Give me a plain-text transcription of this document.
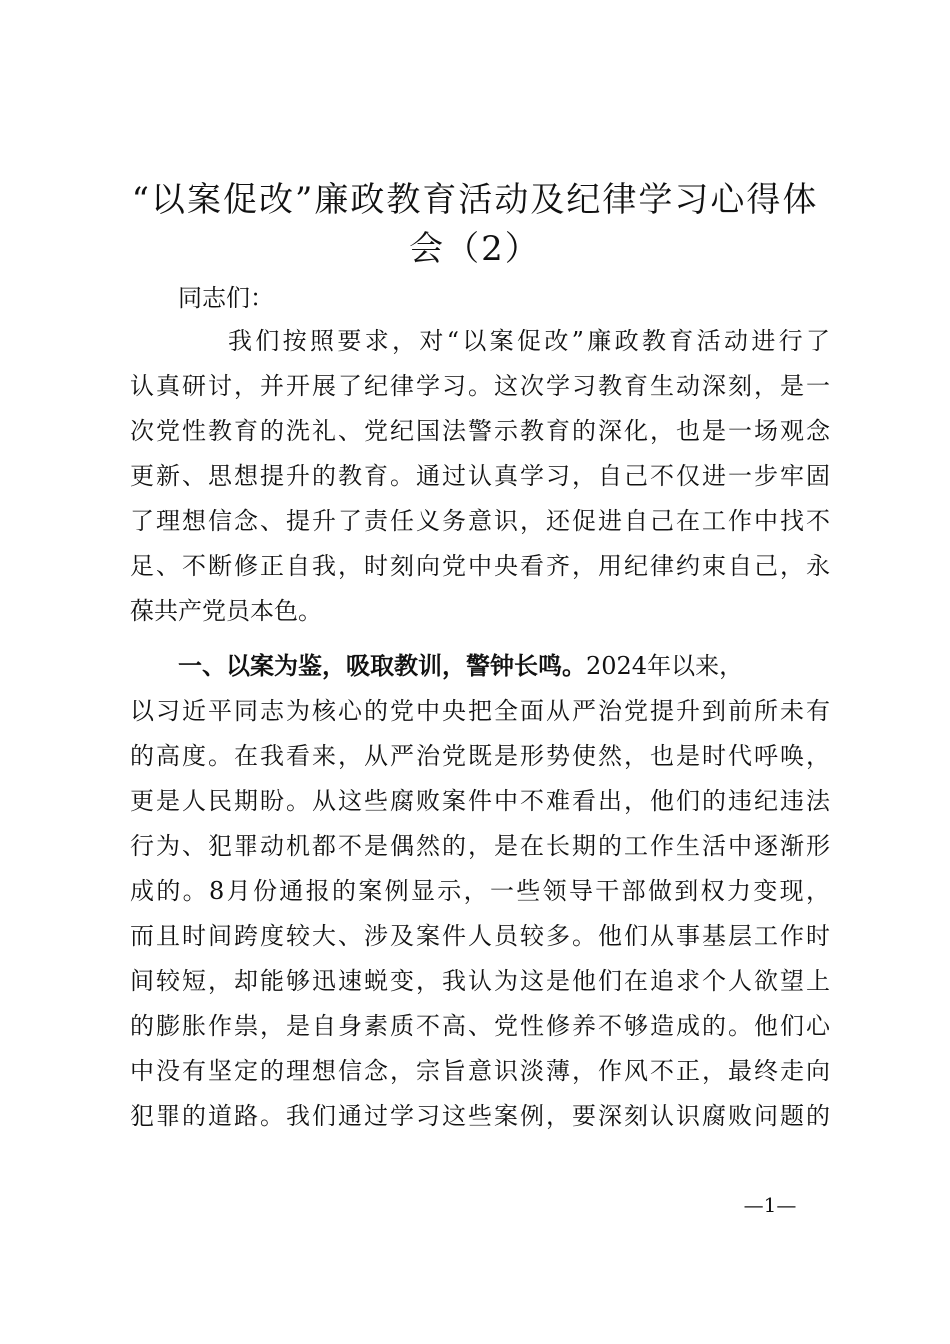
“以案促改”廉政教育活动及纪律学习心得体
会（2）
同志们：
我们按照要求，对“以案促改”廉政教育活动进行了
认真研讨，并开展了纪律学习。这次学习教育生动深刻，是一
次党性教育的洗礼、党纪国法警示教育的深化，也是一场观念
更新、思想提升的教育。通过认真学习，自己不仅进一步牢固
了理想信念、提升了责任义务意识，还促进自己在工作中找不
足、不断修正自我，时刻向党中央看齐，用纪律约束自己，永
葆共产党员本色。
一、以案为鉴，吸取教训，警钟长鸣。2024年以来，
以习近平同志为核心的党中央把全面从严治党提升到前所未有
的高度。在我看来，从严治党既是形势使然，也是时代呼唤，
更是人民期盼。从这些腐败案件中不难看出，他们的违纪违法
行为、犯罪动机都不是偶然的，是在长期的工作生活中逐渐形
成的。8月份通报的案例显示，一些领导干部做到权力变现，
而且时间跨度较大、涉及案件人员较多。他们从事基层工作时
间较短，却能够迅速蜕变，我认为这是他们在追求个人欲望上
的膨胀作祟，是自身素质不高、党性修养不够造成的。他们心
中没有坚定的理想信念，宗旨意识淡薄，作风不正，最终走向
犯罪的道路。我们通过学习这些案例，要深刻认识腐败问题的
—1—
